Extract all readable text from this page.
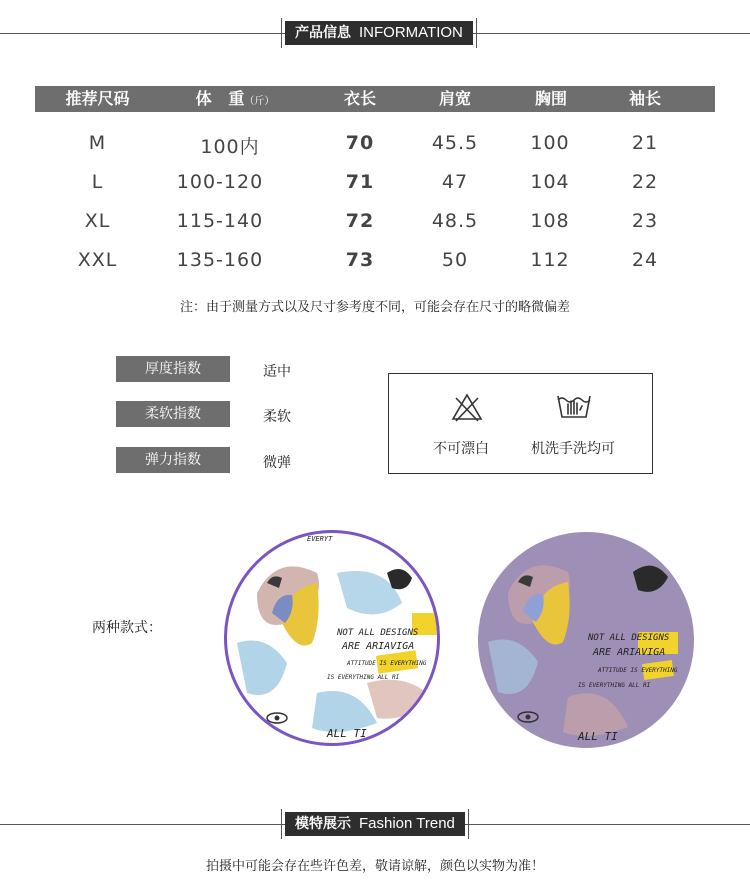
产品信息 INFORMATION
推荐尺码	体   重（斤）	衣长	肩宽	胸围	袖长
M	100内	70	45.5	100	21
L	100-120	71	47	104	22
XL	115-140	72	48.5	108	23
XXL	135-160	73	50	112	24
注：由于测量方式以及尺寸参考度不同，可能会存在尺寸的略微偏差
厚度指数	适中
柔软指数	柔软
弹力指数	微弹
不可漂白	机洗手洗均可
两种款式：	NOT ALL DESIGNS
ARE ARIAVIGA
ATTITUDE IS EVERYTHING
IS EVERYTHING ALL RI
ALL TI
EVERYT
NOT ALL DESIGNS
ARE ARIAVIGA
ATTITUDE IS EVERYTHING
IS EVERYTHING ALL RI
ALL TI
模特展示 Fashion Trend
拍摄中可能会存在些许色差，敬请谅解，颜色以实物为准！
